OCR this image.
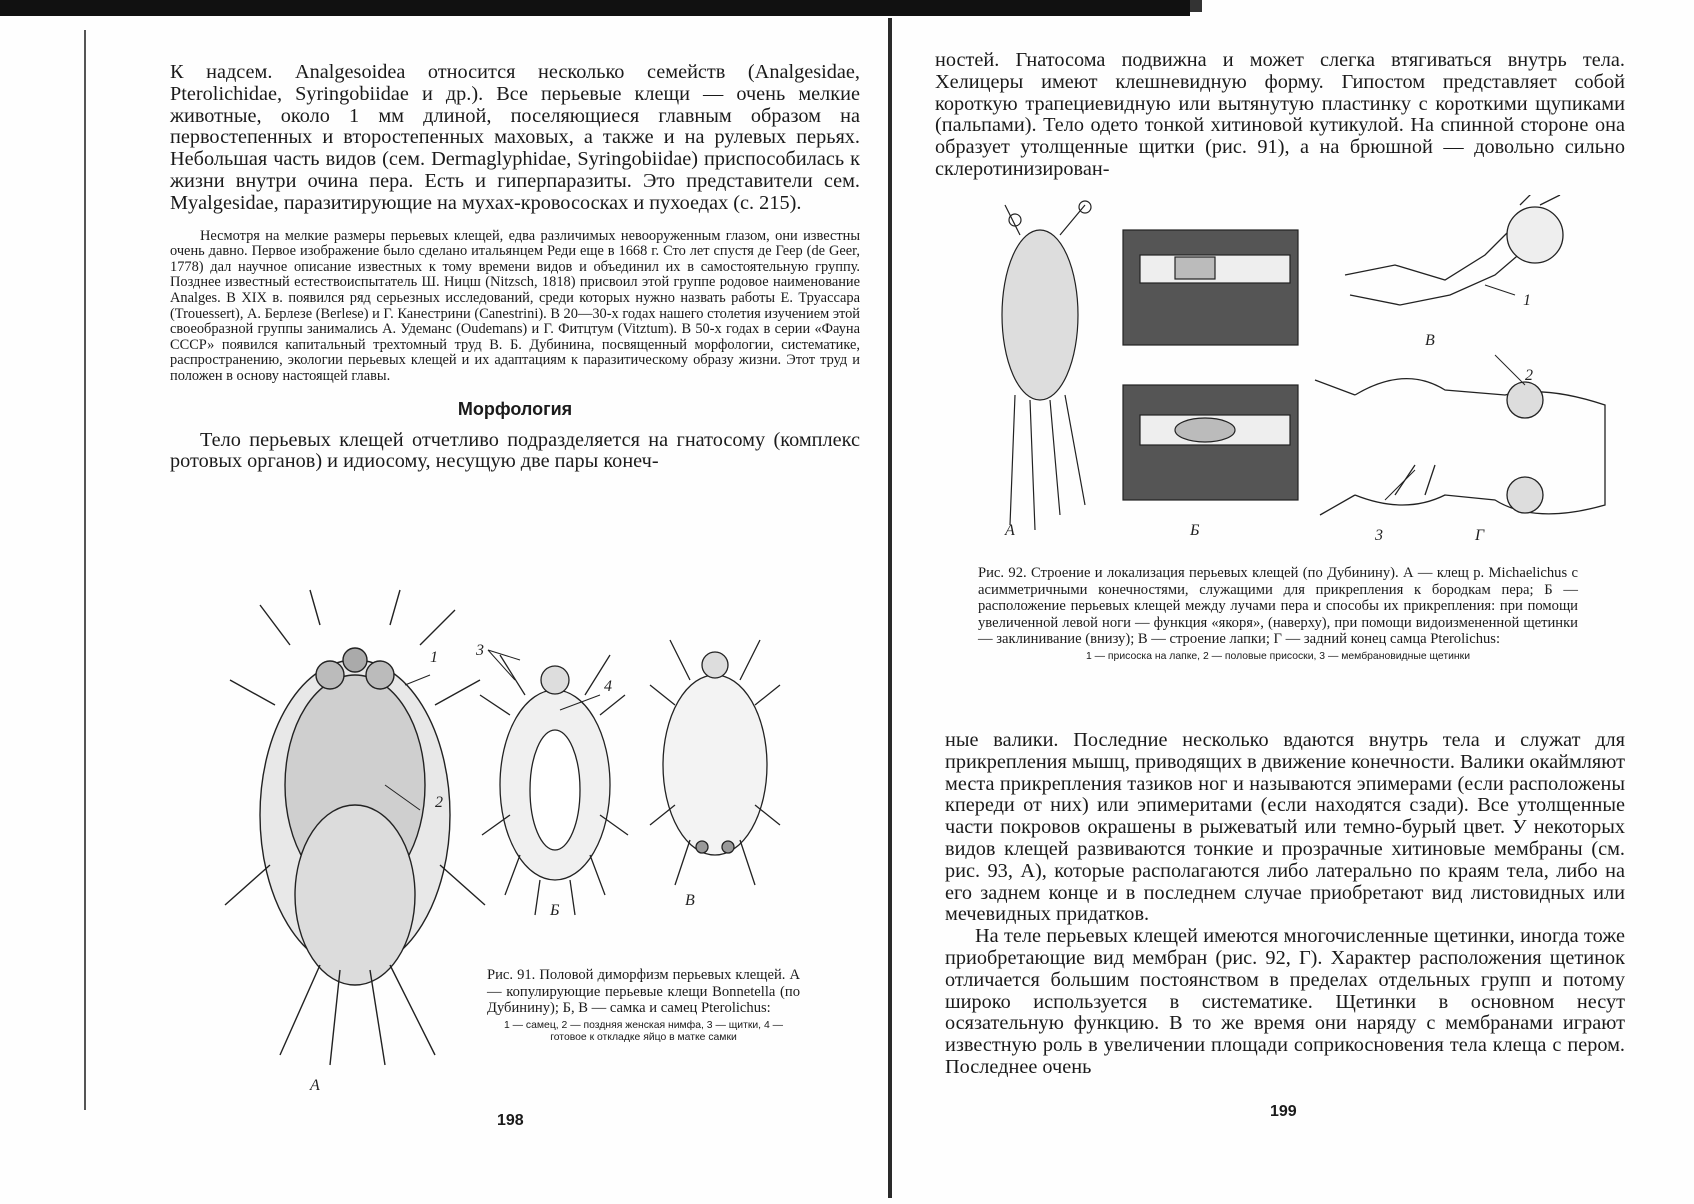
К надсем. Analgesoidea относится несколько семейств (Analgesidae, Pterolichidae, Syringobiidae и др.). Все перьевые клещи — очень мелкие животные, около 1 мм длиной, поселяющиеся главным образом на первостепенных и второстепенных маховых, а также и на рулевых перьях. Небольшая часть видов (сем. Dermaglyphidae, Syringobiidae) приспособилась к жизни внутри очина пера. Есть и гиперпаразиты. Это представители сем. Myalgesidae, паразитирующие на мухах-кровососках и пухоедах (с. 215).

Несмотря на мелкие размеры перьевых клещей, едва различимых невооруженным глазом, они известны очень давно. Первое изображение было сделано итальянцем Реди еще в 1668 г. Сто лет спустя де Геер (de Geer, 1778) дал научное описание известных к тому времени видов и объединил их в самостоятельную группу. Позднее известный естествоиспытатель Ш. Ницш (Nitzsch, 1818) присвоил этой группе родовое наименование Analges. В XIX в. появился ряд серьезных исследований, среди которых нужно назвать работы Е. Труассара (Trouessert), А. Берлезе (Berlese) и Г. Канестрини (Canestrini). В 20—30-х годах нашего столетия изучением этой своеобразной группы занимались А. Удеманс (Oudemans) и Г. Фитцтум (Vitztum). В 50-х годах в серии «Фауна СССР» появился капитальный трехтомный труд В. Б. Дубинина, посвященный морфологии, систематике, распространению, экологии перьевых клещей и их адаптациям к паразитическому образу жизни. Этот труд и положен в основу настоящей главы.

Морфология

Тело перьевых клещей отчетливо подразделяется на гнатосому (комплекс ротовых органов) и идиосому, несущую две пары конеч-

1
2
3
4
А
Б
В
Рис. 91. Половой диморфизм перьевых клещей. А — копулирующие перьевые клещи Bonnetella (по Дубинину); Б, В — самка и самец Pterolichus:
1 — самец, 2 — поздняя женская нимфа, 3 — щитки, 4 — готовое к откладке яйцо в матке самки
198

ностей. Гнатосома подвижна и может слегка втягиваться внутрь тела. Хелицеры имеют клешневидную форму. Гипостом представляет собой короткую трапециевидную или вытянутую пластинку с короткими щупиками (пальпами). Тело одето тонкой хитиновой кутикулой. На спинной стороне она образует утолщенные щитки (рис. 91), а на брюшной — довольно сильно склеротинизирован-

А	Б
В
Г
1
2
3
Рис. 92. Строение и локализация перьевых клещей (по Дубинину). А — клещ р. Michaelichus с асимметричными конечностями, служащими для прикрепления к бородкам пера; Б — расположение перьевых клещей между лучами пера и способы их прикрепления: при помощи увеличенной левой ноги — функция «якоря», (наверху), при помощи видоизмененной щетинки — заклинивание (внизу); В — строение лапки; Г — задний конец самца Pterolichus:
1 — присоска на лапке, 2 — половые присоски, 3 — мембрановидные щетинки

ные валики. Последние несколько вдаются внутрь тела и служат для прикрепления мышц, приводящих в движение конечности. Валики окаймляют места прикрепления тазиков ног и называются эпимерами (если расположены кпереди от них) или эпимеритами (если находятся сзади). Все утолщенные части покровов окрашены в рыжеватый или темно-бурый цвет. У некоторых видов клещей развиваются тонкие и прозрачные хитиновые мембраны (см. рис. 93, А), которые располагаются либо латерально по краям тела, либо на его заднем конце и в последнем случае приобретают вид листовидных или мечевидных придатков.

На теле перьевых клещей имеются многочисленные щетинки, иногда тоже приобретающие вид мембран (рис. 92, Г). Характер расположения щетинок отличается большим постоянством в пределах отдельных групп и потому широко используется в систематике. Щетинки в основном несут осязательную функцию. В то же время они наряду с мембранами играют известную роль в увеличении площади соприкосновения тела клеща с пером. Последнее очень

199
